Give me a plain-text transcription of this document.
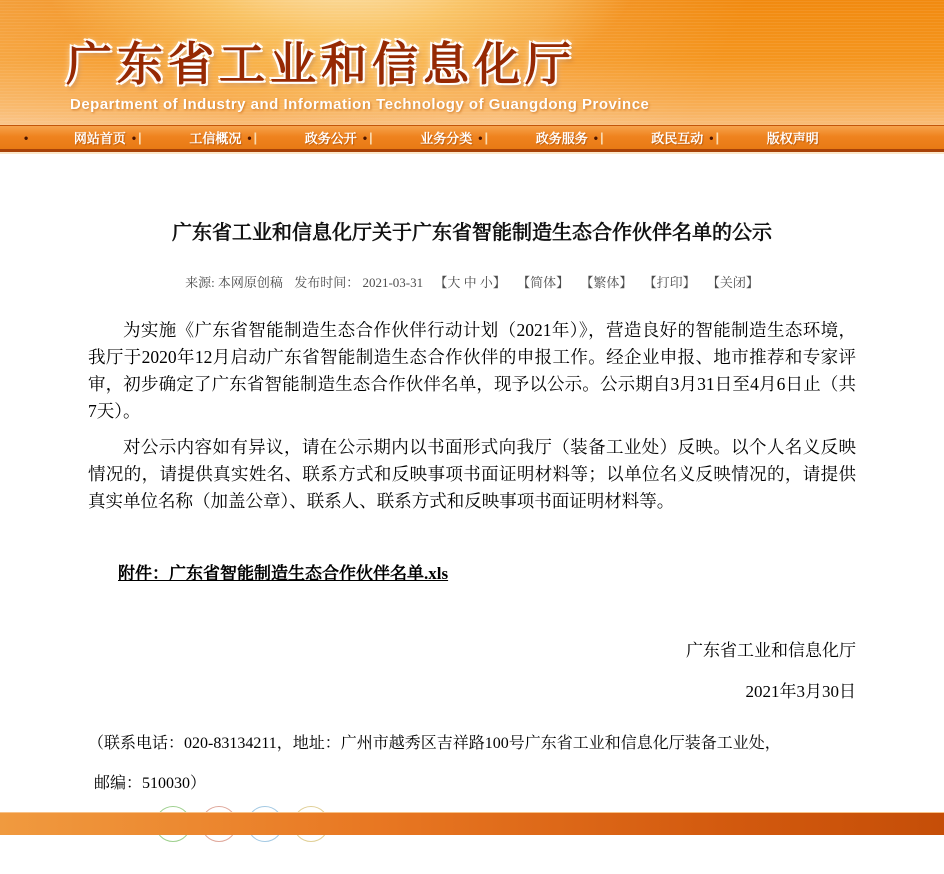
广东省工业和信息化厅
Department of Industry and Information Technology of Guangdong Province
•	网站首页 • |	工信概况 • |	政务公开 • |	业务分类 • |	政务服务 • |	政民互动 • |	版权声明
广东省工业和信息化厅关于广东省智能制造生态合作伙伴名单的公示
来源: 本网原创稿 发布时间： 2021-03-31 【大 中 小】 【简体】 【繁体】 【打印】 【关闭】

为实施《广东省智能制造生态合作伙伴行动计划（2021年）》，营造良好的智能制造生态环境，我厅于2020年12月启动广东省智能制造生态合作伙伴的申报工作。经企业申报、地市推荐和专家评审，初步确定了广东省智能制造生态合作伙伴名单，现予以公示。公示期自3月31日至4月6日止（共7天）。

对公示内容如有异议，请在公示期内以书面形式向我厅（装备工业处）反映。以个人名义反映情况的，请提供真实姓名、联系方式和反映事项书面证明材料等；以单位名义反映情况的，请提供真实单位名称（加盖公章）、联系人、联系方式和反映事项书面证明材料等。

附件：广东省智能制造生态合作伙伴名单.xls
广东省工业和信息化厅
2021年3月30日
（联系电话：020-83134211，地址：广州市越秀区吉祥路100号广东省工业和信息化厅装备工业处，
邮编：510030）
